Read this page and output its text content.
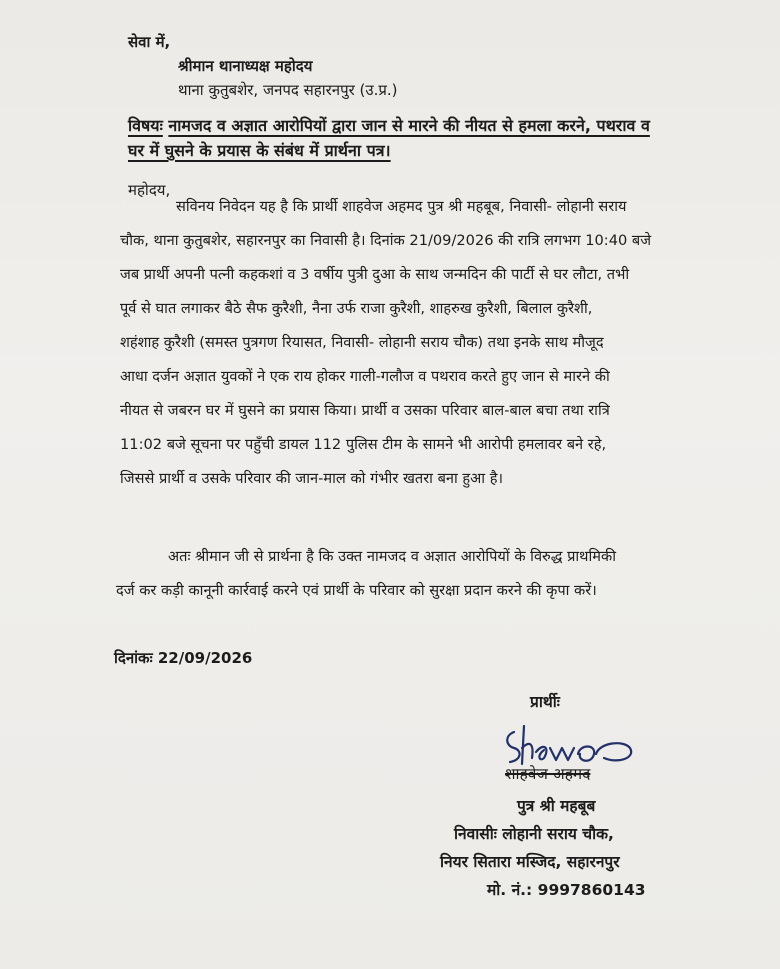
सेवा में,
श्रीमान थानाध्यक्ष महोदय
थाना कुतुबशेर, जनपद सहारनपुर (उ.प्र.)
विषयः नामजद व अज्ञात आरोपियों द्वारा जान से मारने की नीयत से हमला करने, पथराव व
घर में घुसने के प्रयास के संबंध में प्रार्थना पत्र।
महोदय,
सविनय निवेदन यह है कि प्रार्थी शाहवेज अहमद पुत्र श्री महबूब, निवासी- लोहानी सराय
चौक, थाना कुतुबशेर, सहारनपुर का निवासी है। दिनांक 21/09/2026 की रात्रि लगभग 10:40 बजे
जब प्रार्थी अपनी पत्नी कहकशां व 3 वर्षीय पुत्री दुआ के साथ जन्मदिन की पार्टी से घर लौटा, तभी
पूर्व से घात लगाकर बैठे सैफ कुरैशी, नैना उर्फ राजा कुरैशी, शाहरुख कुरैशी, बिलाल कुरैशी,
शहंशाह कुरैशी (समस्त पुत्रगण रियासत, निवासी- लोहानी सराय चौक) तथा इनके साथ मौजूद
आधा दर्जन अज्ञात युवकों ने एक राय होकर गाली-गलौज व पथराव करते हुए जान से मारने की
नीयत से जबरन घर में घुसने का प्रयास किया। प्रार्थी व उसका परिवार बाल-बाल बचा तथा रात्रि
11:02 बजे सूचना पर पहुँची डायल 112 पुलिस टीम के सामने भी आरोपी हमलावर बने रहे,
जिससे प्रार्थी व उसके परिवार की जान-माल को गंभीर खतरा बना हुआ है।
अतः श्रीमान जी से प्रार्थना है कि उक्त नामजद व अज्ञात आरोपियों के विरुद्ध प्राथमिकी
दर्ज कर कड़ी कानूनी कार्रवाई करने एवं प्रार्थी के परिवार को सुरक्षा प्रदान करने की कृपा करें।
दिनांकः 22/09/2026
प्रार्थीः
शाहवेज अहमद
पुत्र श्री महबूब
निवासीः लोहानी सराय चौक,
नियर सितारा मस्जिद, सहारनपुर
मो. नं.: 9997860143
